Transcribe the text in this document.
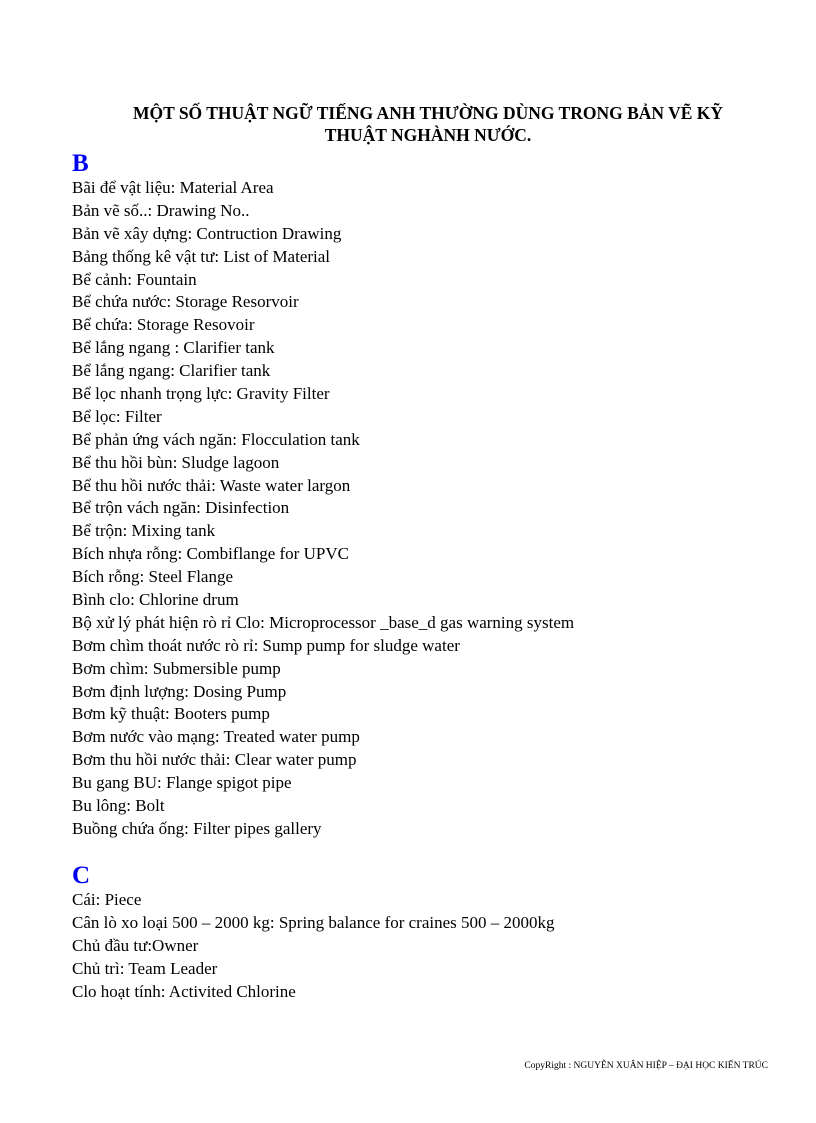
MỘT SỐ THUẬT NGỮ TIẾNG ANH THƯỜNG DÙNG TRONG BẢN VẼ KỸ
THUẬT NGHÀNH NƯỚC.
B
Bãi để vật liệu: Material Area
Bản vẽ số..: Drawing No..
Bản vẽ xây dựng: Contruction Drawing
Bảng thống kê vật tư: List of Material
Bể cảnh: Fountain
Bể chứa nước: Storage Resorvoir
Bể chứa: Storage Resovoir
Bể lắng ngang : Clarifier tank
Bể lắng ngang: Clarifier tank
Bể lọc nhanh trọng lực: Gravity Filter
Bể lọc: Filter
Bể phản ứng vách ngăn: Flocculation tank
Bể thu hồi bùn: Sludge lagoon
Bể thu hồi nước thải: Waste water largon
Bể trộn vách ngăn: Disinfection
Bể trộn: Mixing tank
Bích nhựa rỗng: Combiflange for UPVC
Bích rỗng: Steel Flange
Bình clo: Chlorine drum
Bộ xử lý phát hiện rò rỉ Clo: Microprocessor _base_d gas warning system
Bơm chìm thoát nước rò rỉ: Sump pump for sludge water
Bơm chìm: Submersible pump
Bơm định lượng: Dosing Pump
Bơm kỹ thuật: Booters pump
Bơm nước vào mạng: Treated water pump
Bơm thu hồi nước thải: Clear water pump
Bu gang BU: Flange spigot pipe
Bu lông: Bolt
Buồng chứa ống: Filter pipes gallery
C
Cái: Piece
Cân lò xo loại 500 – 2000 kg: Spring balance for craines 500 – 2000kg
Chủ đầu tư:Owner
Chủ trì: Team Leader
Clo hoạt tính: Activited Chlorine
CopyRight : NGUYỄN XUÂN HIỆP – ĐẠI HỌC KIẾN TRÚC
